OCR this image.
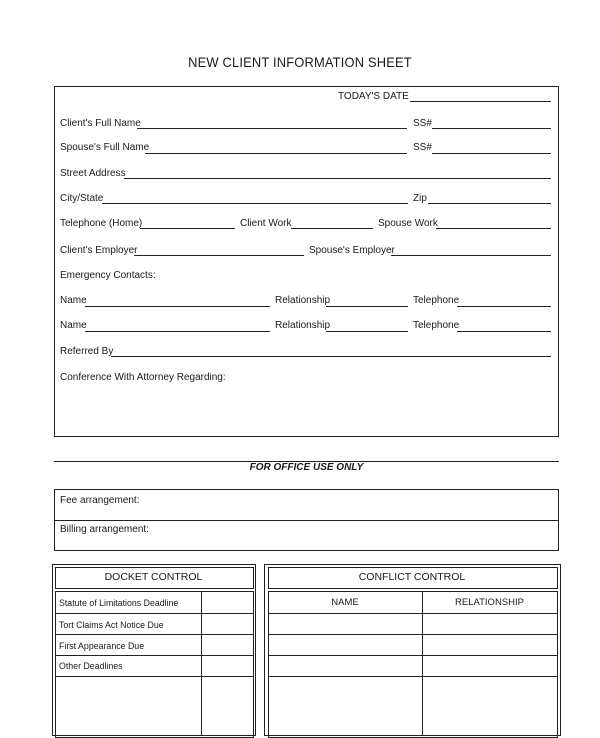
NEW CLIENT INFORMATION SHEET
TODAY'S DATE
Client's Full Name	SS#
Spouse's Full Name	SS#
Street Address
City/State	Zip
Telephone (Home)	Client Work	Spouse Work
Client's Employer	Spouse's Employer
Emergency Contacts:
Name	Relationship	Telephone
Name	Relationship	Telephone
Referred By
Conference With Attorney Regarding:
FOR OFFICE USE ONLY
Fee arrangement:
Billing arrangement:
DOCKET CONTROL
Statute of Limitations Deadline
Tort Claims Act Notice Due
First Appearance Due
Other Deadlines
CONFLICT CONTROL
NAME	RELATIONSHIP
